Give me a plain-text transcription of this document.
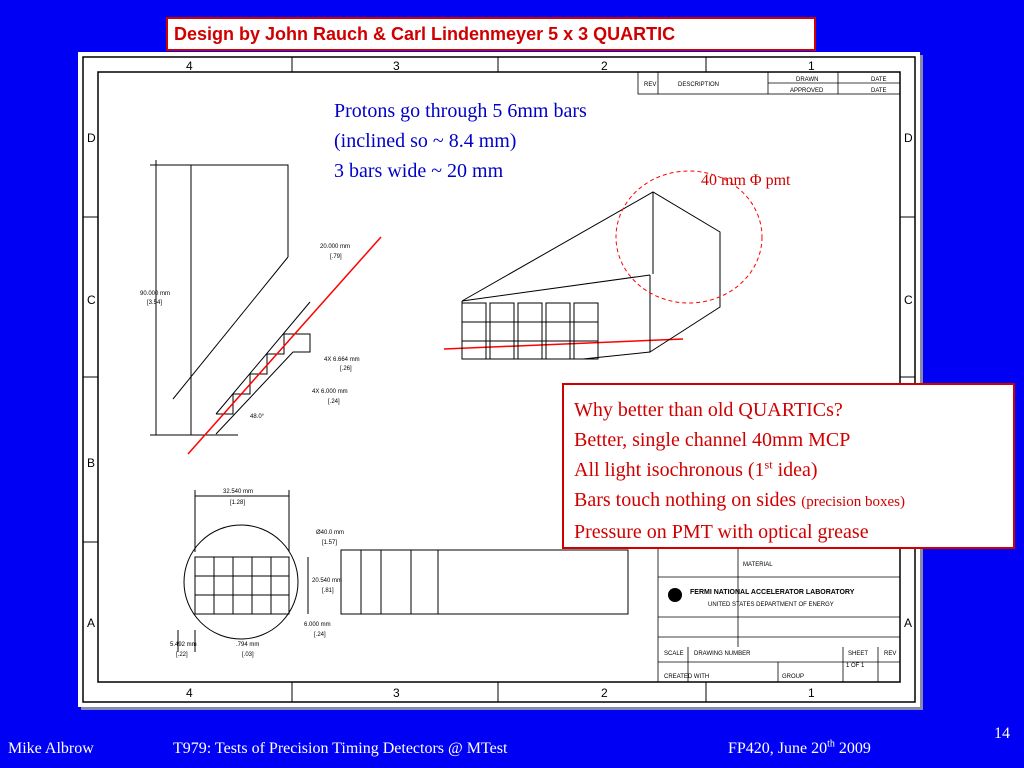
Design by John Rauch & Carl Lindenmeyer 5 x 3 QUARTIC
4	3	2	1
4	3	2	1
D
C
B
A
D
C
A
REV	DESCRIPTION
DRAWN	DATE
APPROVED	DATE
90.000 mm
[3.54]
20.000 mm
[.79]
4X 6.664 mm
[.26]
4X 6.000 mm
[.24]
48.0°
32.540 mm
[1.28]
Ø40.0 mm
[1.57]
20.540 mm
[.81]
6.000 mm
[.24]
5.492 mm
[.22]
.794 mm
[.03]
MATERIAL
FERMI NATIONAL ACCELERATOR LABORATORY
UNITED STATES DEPARTMENT OF ENERGY
SCALE DRAWING NUMBER	SHEET
1 OF 1
REV
CREATED WITH	GROUP
Protons go through 5 6mm bars
(inclined so ~ 8.4 mm)
3 bars wide ~ 20 mm	40 mm Φ pmt
Why better than old QUARTICs?
Better, single channel 40mm MCP
All light isochronous (1st idea)
Bars touch nothing on sides (precision boxes)
Pressure on PMT with optical grease
14
Mike Albrow	T979: Tests of Precision Timing Detectors @ MTest	FP420, June 20th 2009
